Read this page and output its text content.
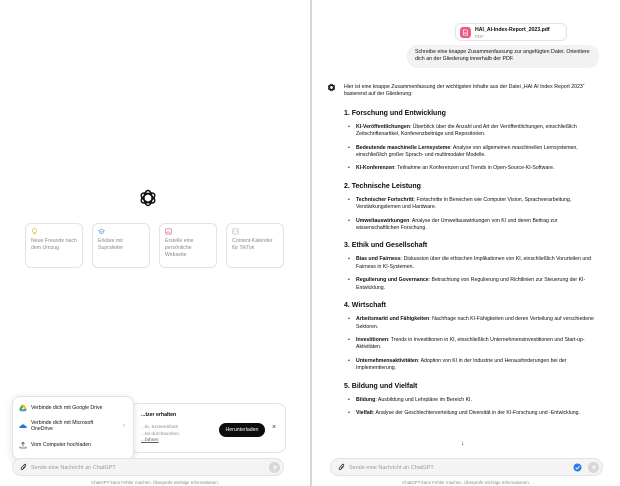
Neue Freunde nach dem Umzug
Erkläre mir Supraleiter
Erstelle eine persönliche Webseite
Content-Kalender für TikTok
...tzer erhalten
...le, Screenshots
...tei durchsuchen.
...fahren
Herunterladen	×
Verbinde dich mit Google Drive
Verbinde dich mit Microsoft OneDrive
›
Vom Computer hochladen
Sende eine Nachricht an ChatGPT
ChatGPT kann Fehler machen. Überprüfe wichtige Informationen.
HAI_AI-Index-Report_2023.pdf
PDF
Schreibe eine knappe Zusammenfassung zur angefügten Datei. Orientiere dich an der Gliederung innerhalb der PDF.

Hier ist eine knappe Zusammenfassung der wichtigsten Inhalte aus der Datei „HAI AI Index Report 2023“ basierend auf der Gliederung:

1. Forschung und Entwicklung
• KI-Veröffentlichungen: Überblick über die Anzahl und Art der Veröffentlichungen, einschließlich Zeitschriftenartikel, Konferenzbeiträge und Repositorien.
• Bedeutende maschinelle Lernsysteme: Analyse von allgemeinen maschinellen Lernsystemen, einschließlich großer Sprach- und multimodaler Modelle.
• KI-Konferenzen: Teilnahme an Konferenzen und Trends in Open-Source-KI-Software.
2. Technische Leistung
• Technischer Fortschritt: Fortschritte in Bereichen wie Computer Vision, Sprachverarbeitung, Verstärkungslernen und Hardware.
• Umweltauswirkungen: Analyse der Umweltauswirkungen von KI und deren Beitrag zur wissenschaftlichen Forschung.
3. Ethik und Gesellschaft
• Bias und Fairness: Diskussion über die ethischen Implikationen von KI, einschließlich Vorurteilen und Fairness in KI-Systemen.
• Regulierung und Governance: Betrachtung von Regulierung und Richtlinien zur Steuerung der KI-Entwicklung.
4. Wirtschaft
• Arbeitsmarkt und Fähigkeiten: Nachfrage nach KI-Fähigkeiten und deren Verteilung auf verschiedene Sektoren.
• Investitionen: Trends in Investitionen in KI, einschließlich Unternehmensinvestitionen und Start-up-Aktivitäten.
• Unternehmensaktivitäten: Adoption von KI in der Industrie und Herausforderungen bei der Implementierung.
5. Bildung und Vielfalt
• Bildung: Ausbildung und Lehrpläne im Bereich KI.
• Vielfalt: Analyse der Geschlechterverteilung und Diversität in der KI-Forschung und -Entwicklung.
↓
Sende eine Nachricht an ChatGPT
ChatGPT kann Fehler machen. Überprüfe wichtige Informationen.
